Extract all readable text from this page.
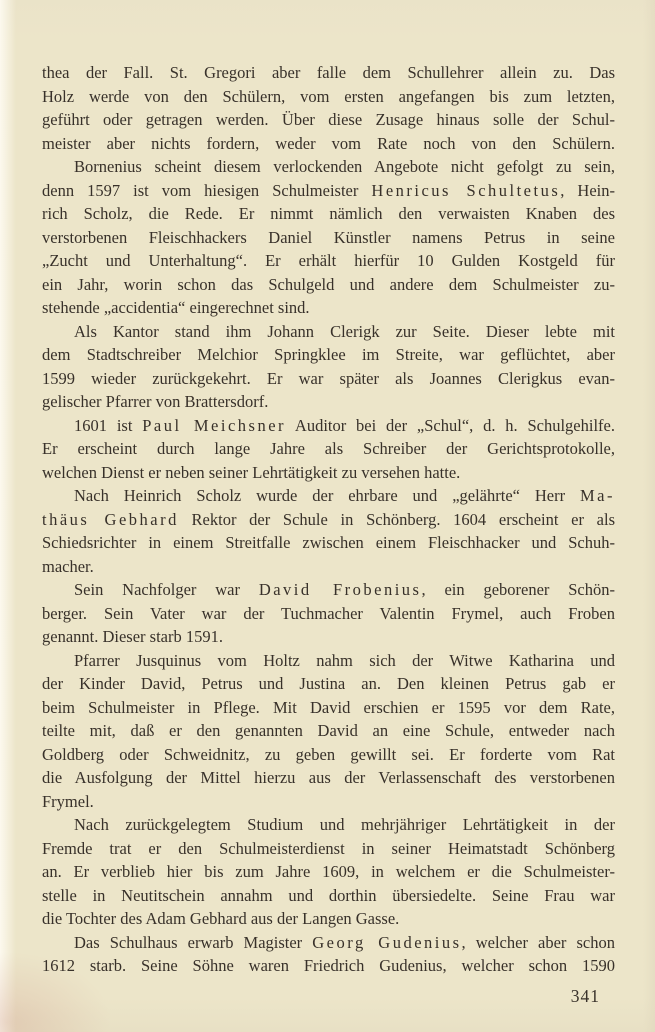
thea der Fall. St. Gregori aber falle dem Schullehrer allein zu. Das
Holz werde von den Schülern, vom ersten angefangen bis zum letzten,
geführt oder getragen werden. Über diese Zusage hinaus solle der Schul-
meister aber nichts fordern, weder vom Rate noch von den Schülern.
Bornenius scheint diesem verlockenden Angebote nicht gefolgt zu sein,
denn 1597 ist vom hiesigen Schulmeister Henricus Schultetus, Hein-
rich Scholz, die Rede. Er nimmt nämlich den verwaisten Knaben des
verstorbenen Fleischhackers Daniel Künstler namens Petrus in seine
„Zucht und Unterhaltung“. Er erhält hierfür 10 Gulden Kostgeld für
ein Jahr, worin schon das Schulgeld und andere dem Schulmeister zu-
stehende „accidentia“ eingerechnet sind.
Als Kantor stand ihm Johann Clerigk zur Seite. Dieser lebte mit
dem Stadtschreiber Melchior Springklee im Streite, war geflüchtet, aber
1599 wieder zurückgekehrt. Er war später als Joannes Clerigkus evan-
gelischer Pfarrer von Brattersdorf.
1601 ist Paul Meichsner Auditor bei der „Schul“, d. h. Schulgehilfe.
Er erscheint durch lange Jahre als Schreiber der Gerichtsprotokolle,
welchen Dienst er neben seiner Lehrtätigkeit zu versehen hatte.
Nach Heinrich Scholz wurde der ehrbare und „gelährte“ Herr Ma-
thäus Gebhard Rektor der Schule in Schönberg. 1604 erscheint er als
Schiedsrichter in einem Streitfalle zwischen einem Fleischhacker und Schuh-
macher.
Sein Nachfolger war David Frobenius, ein geborener Schön-
berger. Sein Vater war der Tuchmacher Valentin Frymel, auch Froben
genannt. Dieser starb 1591.
Pfarrer Jusquinus vom Holtz nahm sich der Witwe Katharina und
der Kinder David, Petrus und Justina an. Den kleinen Petrus gab er
beim Schulmeister in Pflege. Mit David erschien er 1595 vor dem Rate,
teilte mit, daß er den genannten David an eine Schule, entweder nach
Goldberg oder Schweidnitz, zu geben gewillt sei. Er forderte vom Rat
die Ausfolgung der Mittel hierzu aus der Verlassenschaft des verstorbenen
Frymel.
Nach zurückgelegtem Studium und mehrjähriger Lehrtätigkeit in der
Fremde trat er den Schulmeisterdienst in seiner Heimatstadt Schönberg
an. Er verblieb hier bis zum Jahre 1609, in welchem er die Schulmeister-
stelle in Neutitschein annahm und dorthin übersiedelte. Seine Frau war
die Tochter des Adam Gebhard aus der Langen Gasse.
Das Schulhaus erwarb Magister Georg Gudenius, welcher aber schon
1612 starb. Seine Söhne waren Friedrich Gudenius, welcher schon 1590
341
